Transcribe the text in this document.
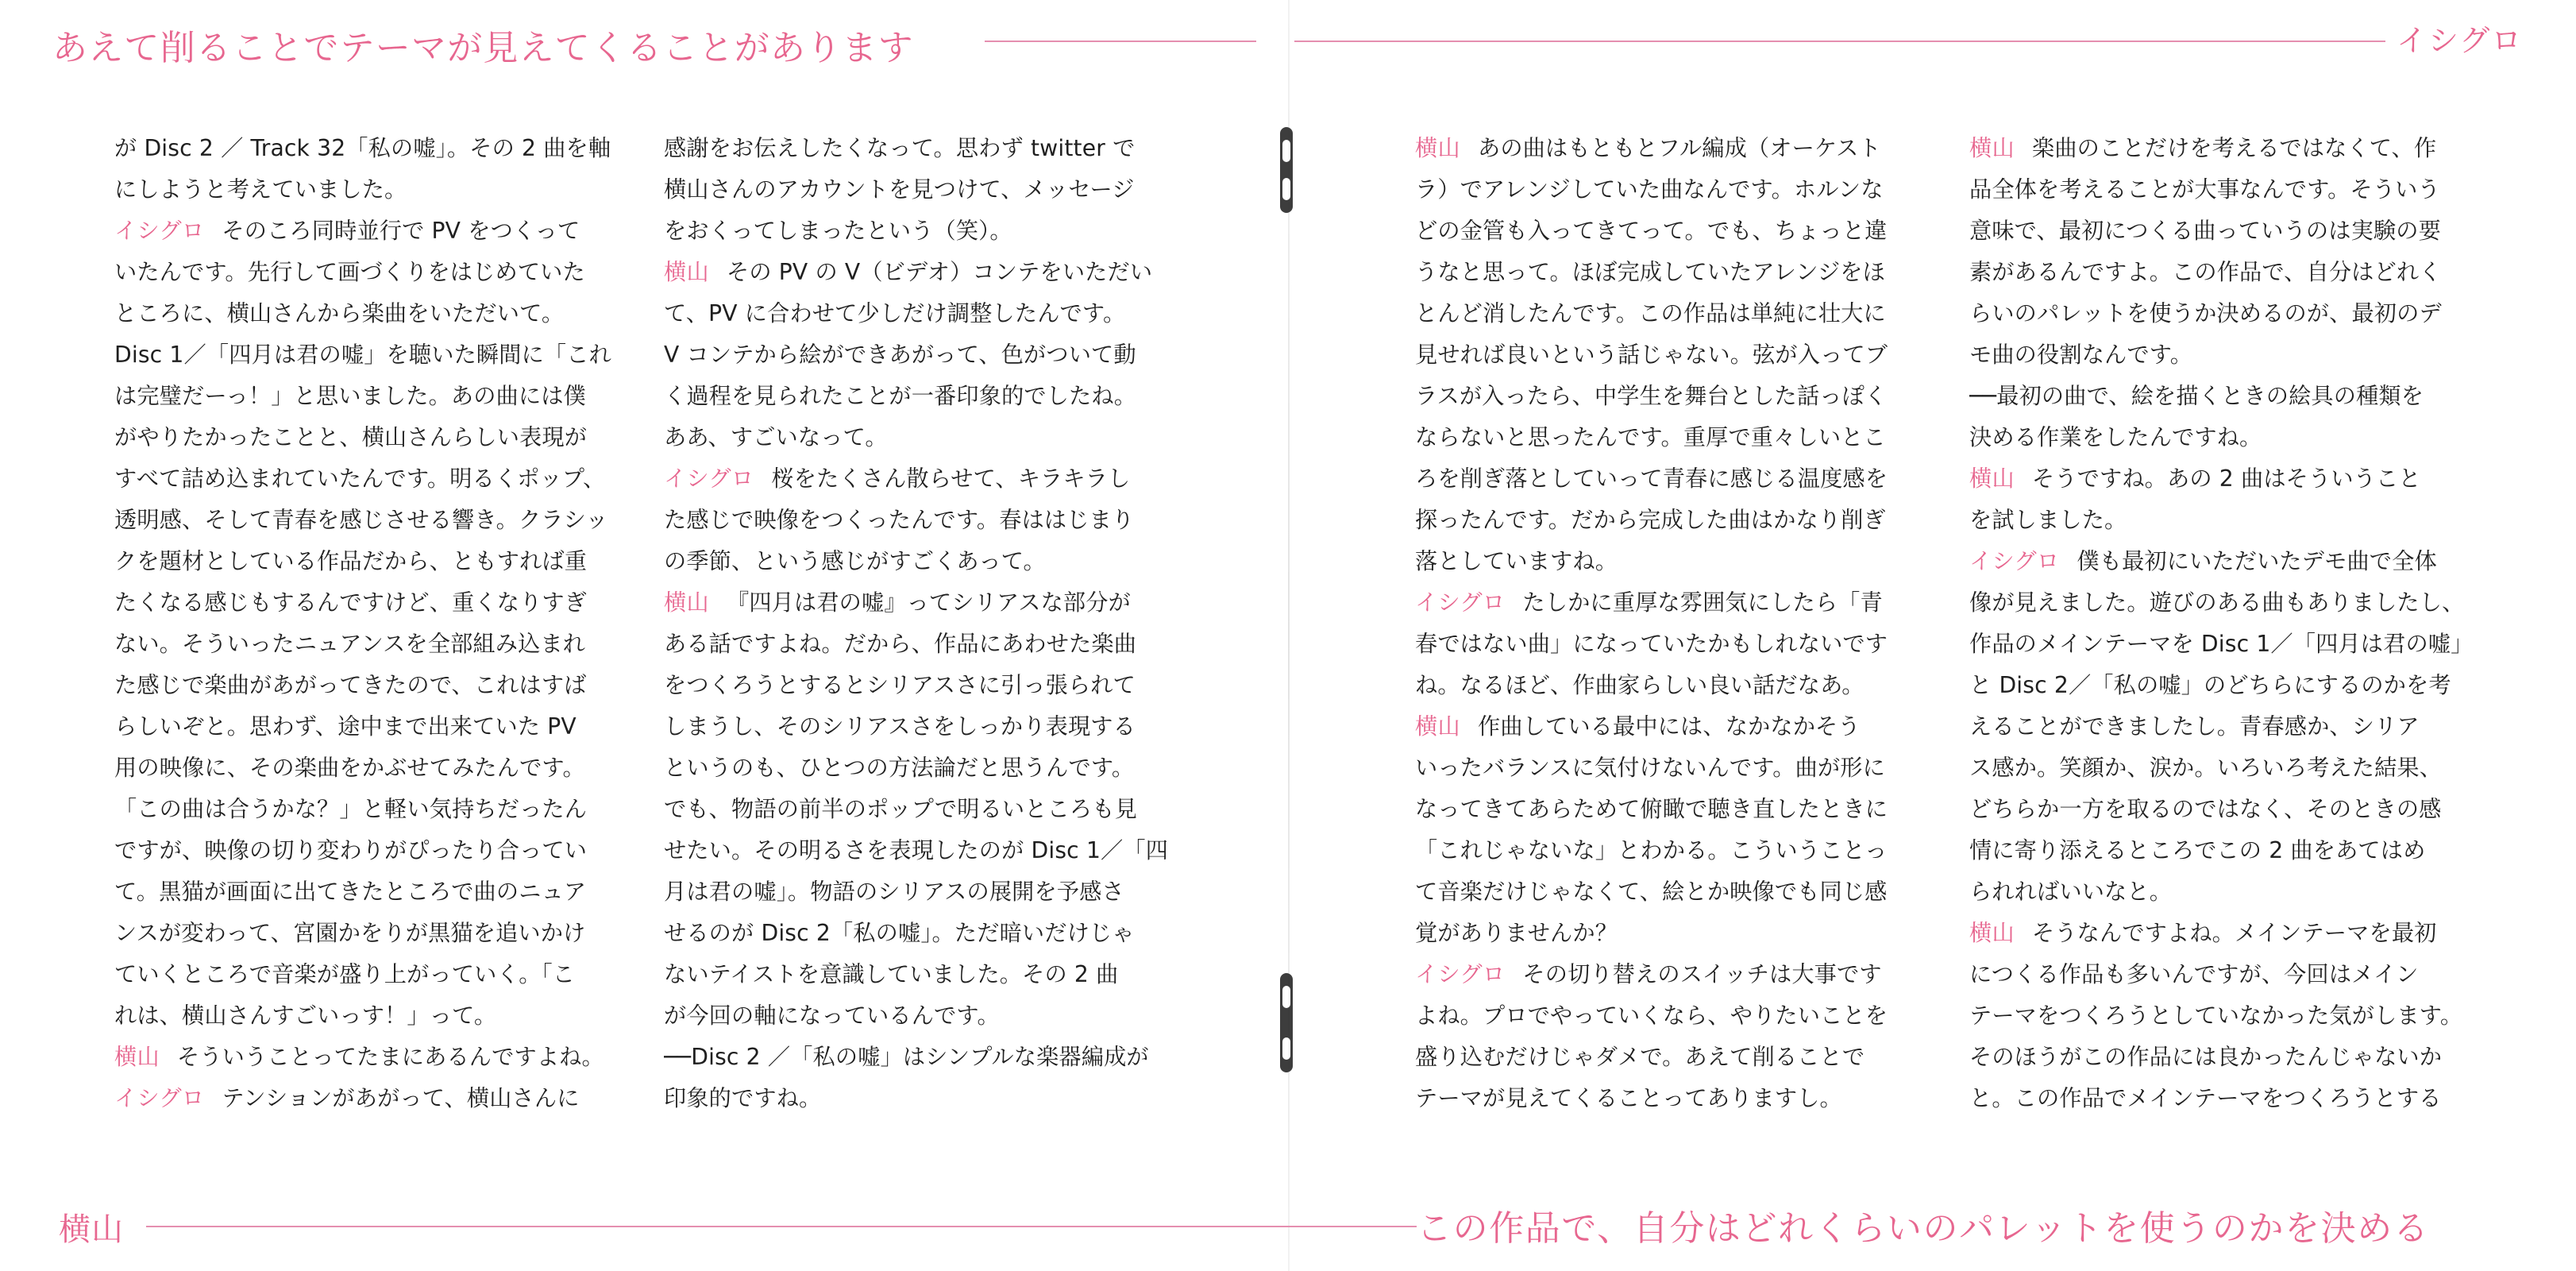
あえて削ることでテーマが見えてくることがあります	イシグロ
横山	この作品で、自分はどれくらいのパレットを使うのかを決める
が Disc 2 ／ Track 32「私の嘘」。その 2 曲を軸
にしようと考えていました。
イシグロ そのころ同時並行で PV をつくって
いたんです。先行して画づくりをはじめていた
ところに、横山さんから楽曲をいただいて。
Disc 1／「四月は君の嘘」を聴いた瞬間に「これ
は完璧だーっ！」と思いました。あの曲には僕
がやりたかったことと、横山さんらしい表現が
すべて詰め込まれていたんです。明るくポップ、
透明感、そして青春を感じさせる響き。クラシッ
クを題材としている作品だから、ともすれば重
たくなる感じもするんですけど、重くなりすぎ
ない。そういったニュアンスを全部組み込まれ
た感じで楽曲があがってきたので、これはすば
らしいぞと。思わず、途中まで出来ていた PV
用の映像に、その楽曲をかぶせてみたんです。
「この曲は合うかな？」と軽い気持ちだったん
ですが、映像の切り変わりがぴったり合ってい
て。黒猫が画面に出てきたところで曲のニュア
ンスが変わって、宮園かをりが黒猫を追いかけ
ていくところで音楽が盛り上がっていく。「こ
れは、横山さんすごいっす！」って。
横山 そういうことってたまにあるんですよね。
イシグロ テンションがあがって、横山さんに
感謝をお伝えしたくなって。思わず twitter で
横山さんのアカウントを見つけて、メッセージ
をおくってしまったという（笑）。
横山 その PV の V（ビデオ）コンテをいただい
て、PV に合わせて少しだけ調整したんです。
V コンテから絵ができあがって、色がついて動
く過程を見られたことが一番印象的でしたね。
ああ、すごいなって。
イシグロ 桜をたくさん散らせて、キラキラし
た感じで映像をつくったんです。春ははじまり
の季節、という感じがすごくあって。
横山 『四月は君の嘘』ってシリアスな部分が
ある話ですよね。だから、作品にあわせた楽曲
をつくろうとするとシリアスさに引っ張られて
しまうし、そのシリアスさをしっかり表現する
というのも、ひとつの方法論だと思うんです。
でも、物語の前半のポップで明るいところも見
せたい。その明るさを表現したのが Disc 1／「四
月は君の嘘」。物語のシリアスの展開を予感さ
せるのが Disc 2「私の嘘」。ただ暗いだけじゃ
ないテイストを意識していました。その 2 曲
が今回の軸になっているんです。
──Disc 2 ／「私の嘘」はシンプルな楽器編成が
印象的ですね。
横山 あの曲はもともとフル編成（オーケスト
ラ）でアレンジしていた曲なんです。ホルンな
どの金管も入ってきてって。でも、ちょっと違
うなと思って。ほぼ完成していたアレンジをほ
とんど消したんです。この作品は単純に壮大に
見せれば良いという話じゃない。弦が入ってブ
ラスが入ったら、中学生を舞台とした話っぽく
ならないと思ったんです。重厚で重々しいとこ
ろを削ぎ落としていって青春に感じる温度感を
探ったんです。だから完成した曲はかなり削ぎ
落としていますね。
イシグロ たしかに重厚な雰囲気にしたら「青
春ではない曲」になっていたかもしれないです
ね。なるほど、作曲家らしい良い話だなあ。
横山 作曲している最中には、なかなかそう
いったバランスに気付けないんです。曲が形に
なってきてあらためて俯瞰で聴き直したときに
「これじゃないな」とわかる。こういうことっ
て音楽だけじゃなくて、絵とか映像でも同じ感
覚がありませんか？
イシグロ その切り替えのスイッチは大事です
よね。プロでやっていくなら、やりたいことを
盛り込むだけじゃダメで。あえて削ることで
テーマが見えてくることってありますし。
横山 楽曲のことだけを考えるではなくて、作
品全体を考えることが大事なんです。そういう
意味で、最初につくる曲っていうのは実験の要
素があるんですよ。この作品で、自分はどれく
らいのパレットを使うか決めるのが、最初のデ
モ曲の役割なんです。
──最初の曲で、絵を描くときの絵具の種類を
決める作業をしたんですね。
横山 そうですね。あの 2 曲はそういうこと
を試しました。
イシグロ 僕も最初にいただいたデモ曲で全体
像が見えました。遊びのある曲もありましたし、
作品のメインテーマを Disc 1／「四月は君の嘘」
と Disc 2／「私の嘘」のどちらにするのかを考
えることができましたし。青春感か、シリア
ス感か。笑顔か、涙か。いろいろ考えた結果、
どちらか一方を取るのではなく、そのときの感
情に寄り添えるところでこの 2 曲をあてはめ
られればいいなと。
横山 そうなんですよね。メインテーマを最初
につくる作品も多いんですが、今回はメイン
テーマをつくろうとしていなかった気がします。
そのほうがこの作品には良かったんじゃないか
と。この作品でメインテーマをつくろうとする
